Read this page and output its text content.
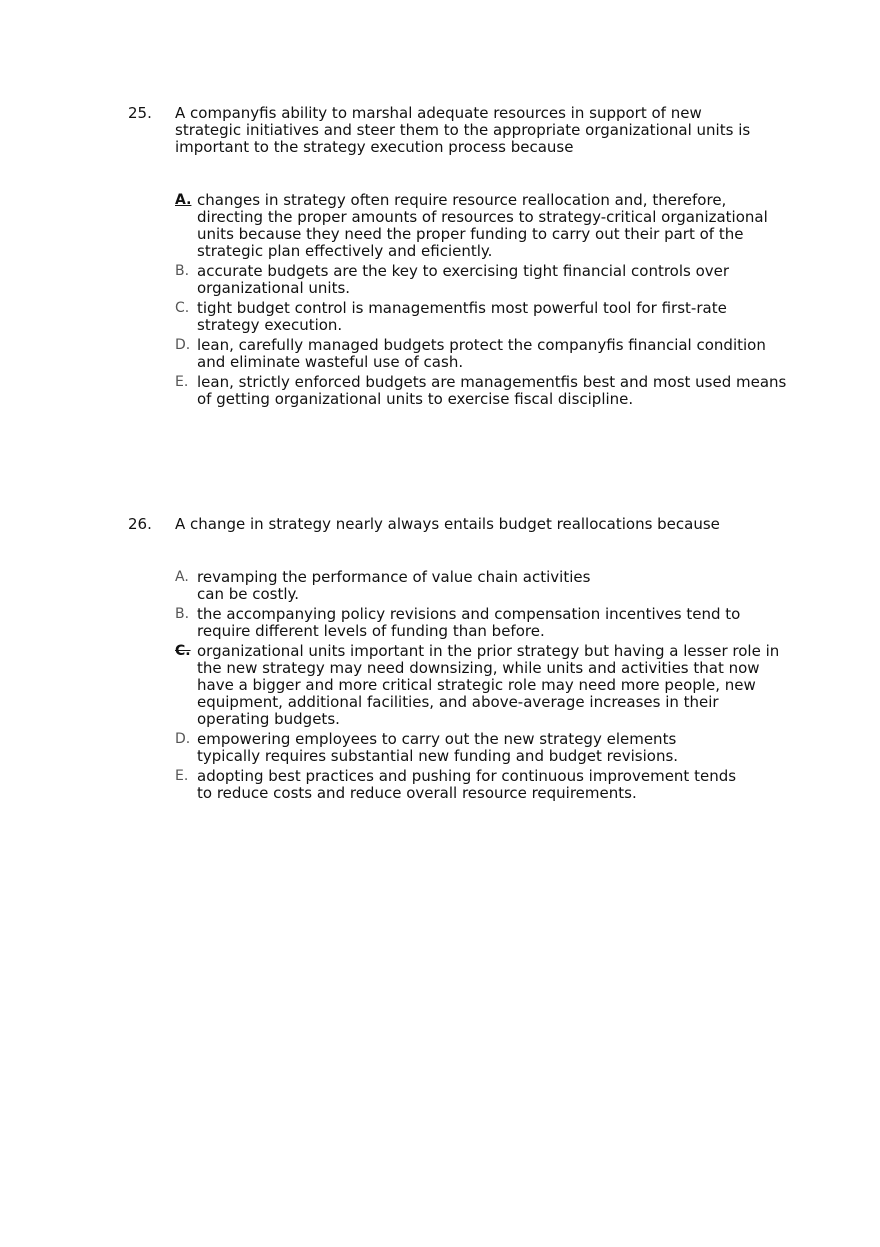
25.	A companyfis ability to marshal adequate resources in support of new strategic initiatives and steer them to the appropriate organizational units is important to the strategy execution process because
A. changes in strategy often require resource reallocation and, therefore, directing the proper amounts of resources to strategy-critical organizational units because they need the proper funding to carry out their part of the strategic plan effectively and eficiently.
B. accurate budgets are the key to exercising tight financial controls over organizational units.
C. tight budget control is managementfis most powerful tool for first-rate strategy execution.
D. lean, carefully managed budgets protect the companyfis financial condition and eliminate wasteful use of cash.
E. lean, strictly enforced budgets are managementfis best and most used means of getting organizational units to exercise fiscal discipline.
26.	A change in strategy nearly always entails budget reallocations because
A. revamping the performance of value chain activities can be costly.
B. the accompanying policy revisions and compensation incentives tend to require different levels of funding than before.
C. organizational units important in the prior strategy but having a lesser role in the new strategy may need downsizing, while units and activities that now have a bigger and more critical strategic role may need more people, new equipment, additional facilities, and above-average increases in their operating budgets.
D. empowering employees to carry out the new strategy elements typically requires substantial new funding and budget revisions.
E. adopting best practices and pushing for continuous improvement tends to reduce costs and reduce overall resource requirements.
